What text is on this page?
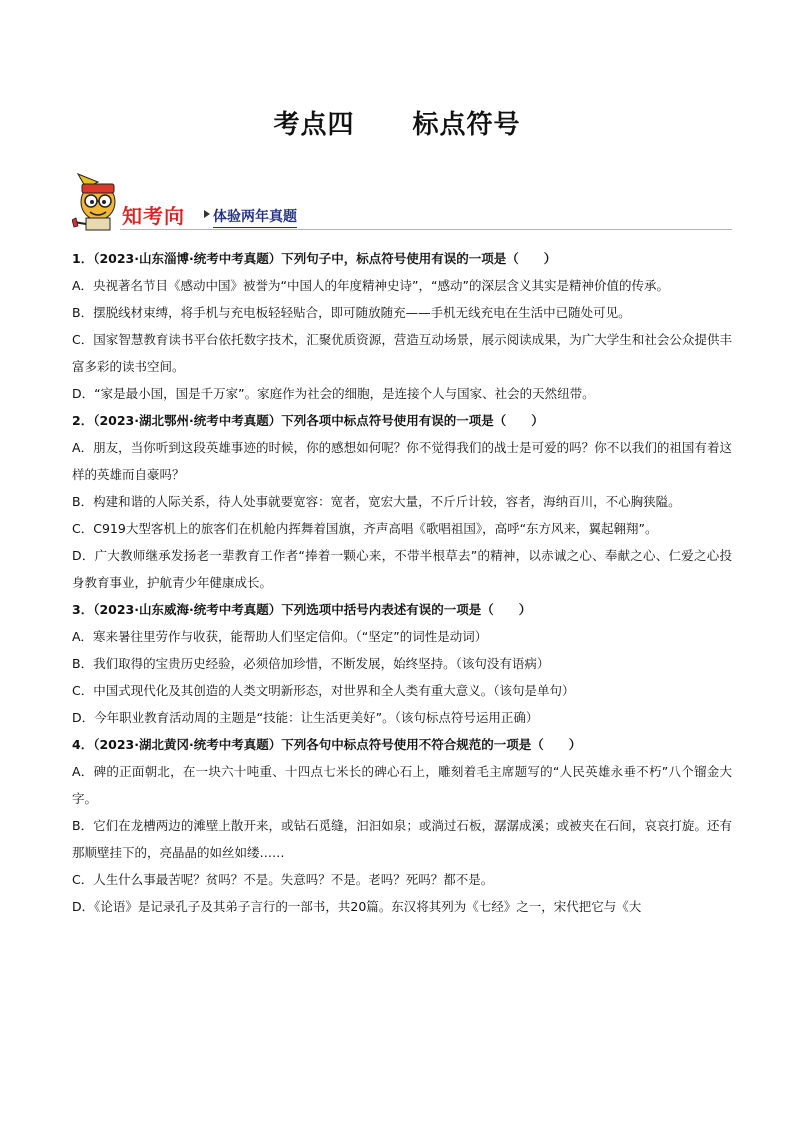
考点四 标点符号
知考向 体验两年真题

1．（2023·山东淄博·统考中考真题）下列句子中，标点符号使用有误的一项是（　　）

A．央视著名节目《感动中国》被誉为“中国人的年度精神史诗”，“感动”的深层含义其实是精神价值的传承。

B．摆脱线材束缚，将手机与充电板轻轻贴合，即可随放随充——手机无线充电在生活中已随处可见。

C．国家智慧教育读书平台依托数字技术，汇聚优质资源，营造互动场景，展示阅读成果，为广大学生和社会公众提供丰富多彩的读书空间。

D．“家是最小国，国是千万家”。家庭作为社会的细胞，是连接个人与国家、社会的天然纽带。

2．（2023·湖北鄂州·统考中考真题）下列各项中标点符号使用有误的一项是（　　）

A．朋友，当你听到这段英雄事迹的时候，你的感想如何呢？你不觉得我们的战士是可爱的吗？你不以我们的祖国有着这样的英雄而自豪吗？

B．构建和谐的人际关系，待人处事就要宽容：宽者，宽宏大量，不斤斤计较，容者，海纳百川，不心胸狭隘。

C．C919大型客机上的旅客们在机舱内挥舞着国旗，齐声高唱《歌唱祖国》，高呼“东方风来，翼起翱翔”。

D．广大教师继承发扬老一辈教育工作者“捧着一颗心来，不带半根草去”的精神，以赤诚之心、奉献之心、仁爱之心投身教育事业，护航青少年健康成长。

3．（2023·山东威海·统考中考真题）下列选项中括号内表述有误的一项是（　　）

A．寒来暑往里劳作与收获，能帮助人们坚定信仰。（“坚定”的词性是动词）

B．我们取得的宝贵历史经验，必须倍加珍惜，不断发展，始终坚持。（该句没有语病）

C．中国式现代化及其创造的人类文明新形态，对世界和全人类有重大意义。（该句是单句）

D．今年职业教育活动周的主题是“技能：让生活更美好”。（该句标点符号运用正确）

4．（2023·湖北黄冈·统考中考真题）下列各句中标点符号使用不符合规范的一项是（　　）

A．碑的正面朝北，在一块六十吨重、十四点七米长的碑心石上，雕刻着毛主席题写的“人民英雄永垂不朽”八个镏金大字。

B．它们在龙槽两边的滩壁上散开来，或钻石觅缝，汩汩如泉；或淌过石板，潺潺成溪；或被夹在石间，哀哀打旋。还有那顺壁挂下的，亮晶晶的如丝如缕……

C．人生什么事最苦呢？贫吗？不是。失意吗？不是。老吗？死吗？都不是。

D．《论语》是记录孔子及其弟子言行的一部书，共20篇。东汉将其列为《七经》之一，宋代把它与《大
